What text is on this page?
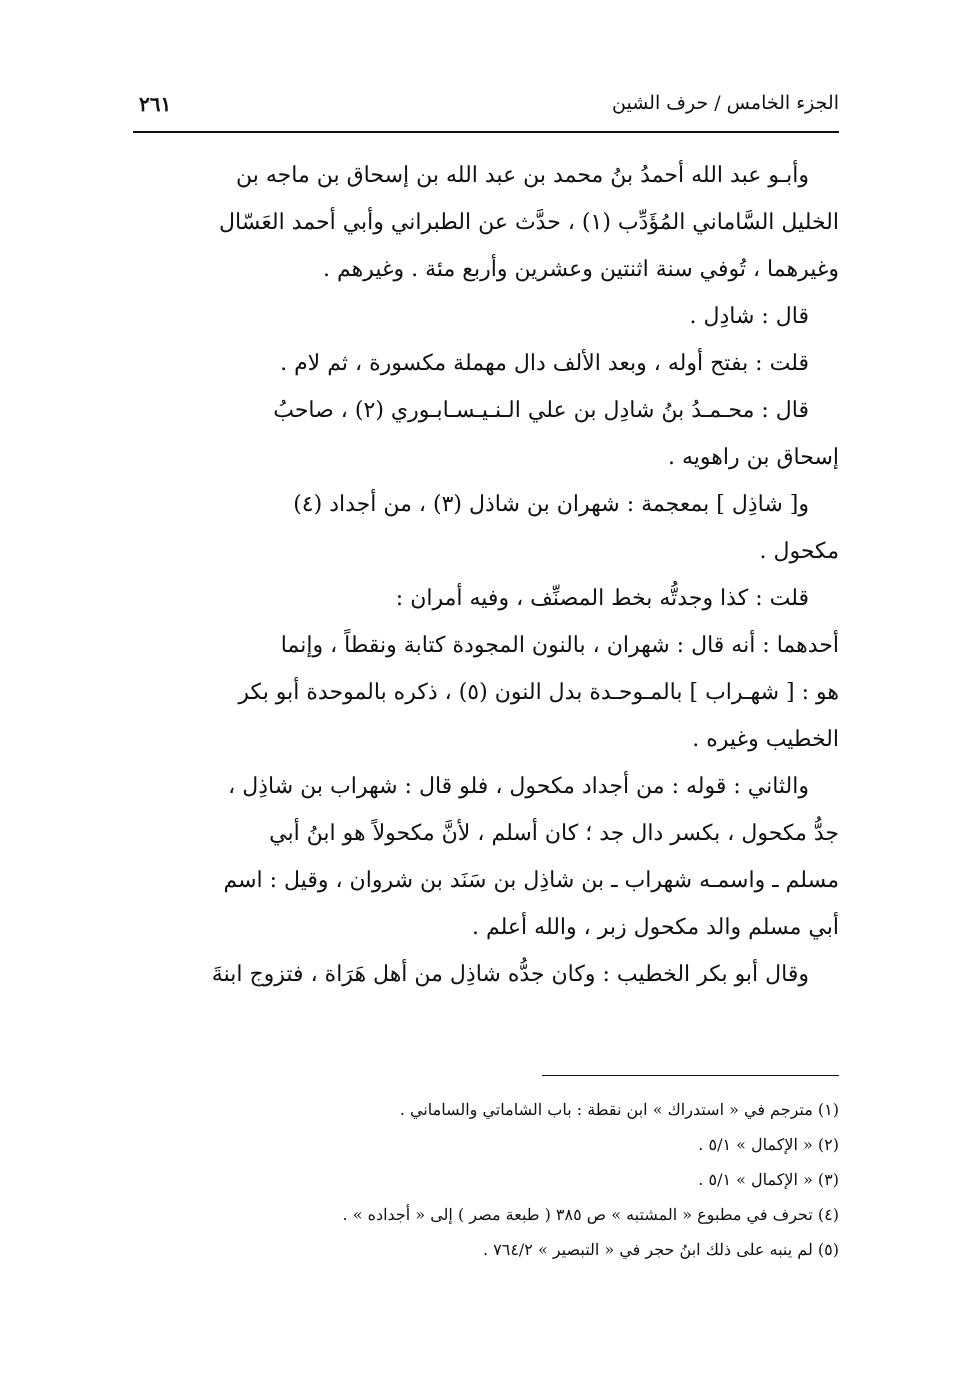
الجزء الخامس / حرف الشين
٢٦١
وأبـو عبد الله أحمدُ بنُ محمد بن عبد الله بن إسحاق بن ماجه بن
الخليل السَّاماني المُؤَدِّب (١) ، حدَّث عن الطبراني وأبي أحمد العَسّال
وغيرهما ، تُوفي سنة اثنتين وعشرين وأربع مئة . وغيرهم .
قال : شادِل .
قلت : بفتح أوله ، وبعد الألف دال مهملة مكسورة ، ثم لام .
قال : محـمـدُ بنُ شادِل بن علي الـنـيـسـابـوري (٢) ، صاحبُ
إسحاق بن راهويه .
و[ شاذِل ] بمعجمة : شهران بن شاذل (٣) ، من أجداد (٤)
مكحول .
قلت : كذا وجدتُّه بخط المصنِّف ، وفيه أمران :
أحدهما : أنه قال : شهران ، بالنون المجودة كتابة ونقطاً ، وإنما
هو : [ شهـراب ] بالمـوحـدة بدل النون (٥) ، ذكره بالموحدة أبو بكر
الخطيب وغيره .
والثاني : قوله : من أجداد مكحول ، فلو قال : شهراب بن شاذِل ،
جدُّ مكحول ، بكسر دال جد ؛ كان أسلم ، لأنَّ مكحولاً هو ابنُ أبي
مسلم ـ واسمـه شهراب ـ بن شاذِل بن سَنَد بن شروان ، وقيل : اسم
أبي مسلم والد مكحول زبر ، والله أعلم .
وقال أبو بكر الخطيب : وكان جدُّه شاذِل من أهل هَرَاة ، فتزوج ابنةَ
(١) مترجم في « استدراك » ابن نقطة : باب الشاماتي والساماني .
(٢) « الإكمال » ٥/١ .
(٣) « الإكمال » ٥/١ .
(٤) تحرف في مطبوع « المشتبه » ص ٣٨٥ ( طبعة مصر ) إلى « أجداده » .
(٥) لم ينبه على ذلك ابنُ حجر في « التبصير » ٧٦٤/٢ .
